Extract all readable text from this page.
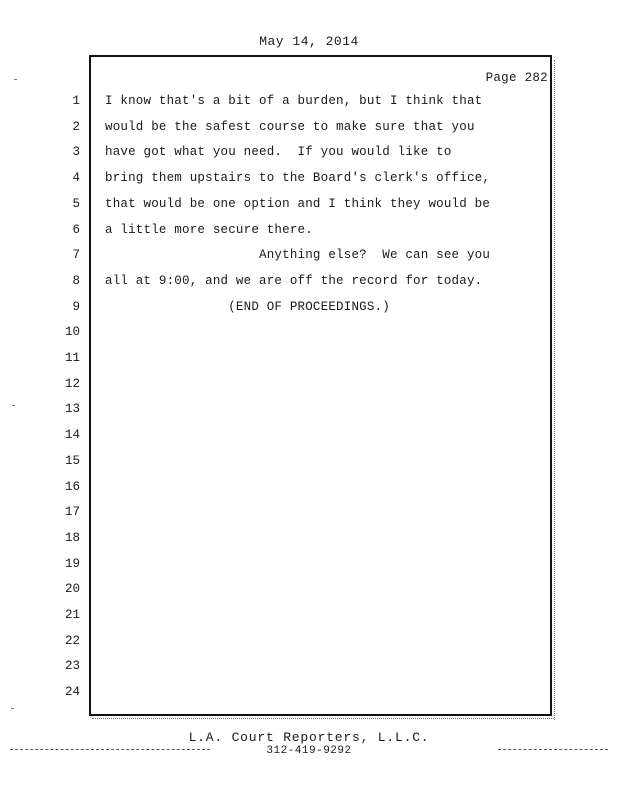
May 14, 2014
Page 282
1 I know that's a bit of a burden, but I think that
2 would be the safest course to make sure that you
3 have got what you need.  If you would like to
4 bring them upstairs to the Board's clerk's office,
5 that would be one option and I think they would be
6 a little more secure there.
7 Anything else?  We can see you
8 all at 9:00, and we are off the record for today.
9 (END OF PROCEEDINGS.)
10
11
12
13
14
15
16
17
18
19
20
21
22
23
24
L.A. Court Reporters, L.L.C.
312-419-9292
